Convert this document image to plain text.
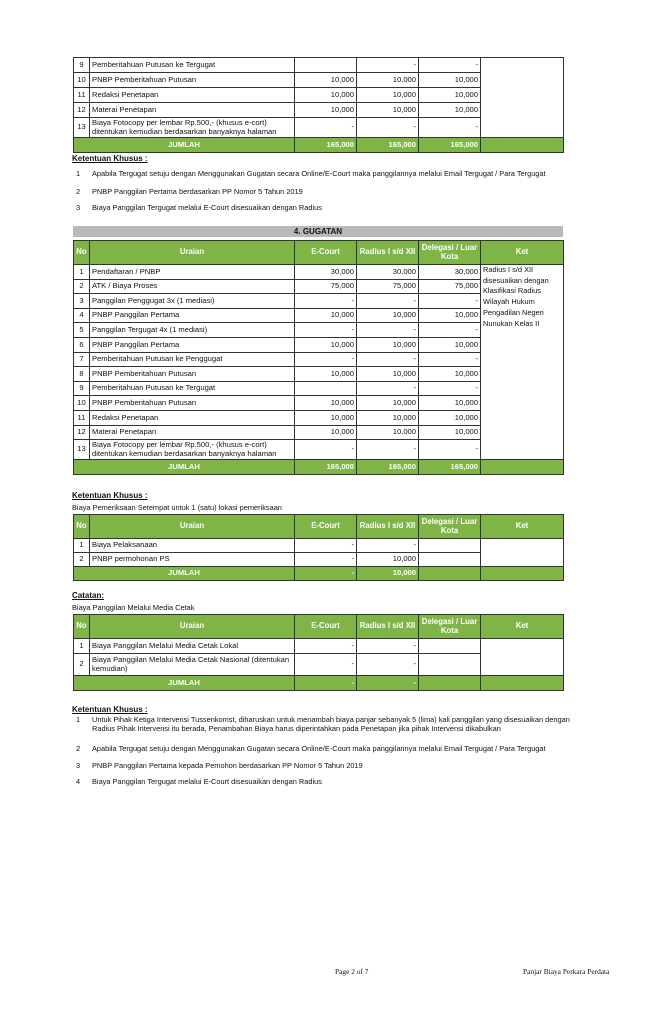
9	Pemberitahuan Putusan ke Tergugat		-	-	
10	PNBP Pemberitahuan Putusan	10,000	10,000	10,000	
11	Redaksi Penetapan	10,000	10,000	10,000	
12	Materai Penetapan	10,000	10,000	10,000	
13	Biaya Fotocopy per lembar Rp.500,- (khusus e-cort) ditentukan kemudian berdasarkan banyaknya halaman	-	-	-	
JUMLAH		165,000	165,000	165,000	
Ketentuan Khusus :
1	Apabila Tergugat setuju dengan Menggunakan Gugatan secara Online/E-Court maka panggilannya melalui Email Tergugat / Para Tergugat
2	PNBP Panggilan Pertama berdasarkan PP Nomor 5 Tahun 2019
3	Biaya Panggilan Tergugat melalui E-Court disesuaikan dengan Radius
4. GUGATAN
No	Uraian	E-Court	Radius I s/d XII	Delegasi / Luar Kota	Ket
1	Pendaftaran / PNBP	30,000	30,000	30,000	Radius I s/d XII disesuaikan dengan Klasifikasi Radius Wilayah Hukum Pengadilan Negeri Nunukan Kelas II
2	ATK / Biaya Proses	75,000	75,000	75,000	
3	Panggilan Penggugat 3x (1 mediasi)	-	-	-	
4	PNBP Panggilan Pertama	10,000	10,000	10,000	
5	Panggilan Tergugat 4x (1 mediasi)	-	-	-	
6	PNBP Panggilan Pertama	10,000	10,000	10,000	
7	Pemberitahuan Putusan ke Penggugat	-	-	-	
8	PNBP Pemberitahuan Putusan	10,000	10,000	10,000	
9	Pemberitahuan Putusan ke Tergugat		-	-	
10	PNBP Pemberitahuan Putusan	10,000	10,000	10,000	
11	Redaksi Penetapan	10,000	10,000	10,000	
12	Materai Penetapan	10,000	10,000	10,000	
13	Biaya Fotocopy per lembar Rp.500,- (khusus e-cort) ditentukan kemudian berdasarkan banyaknya halaman	-	-	-	
JUMLAH		165,000	165,000	165,000	
Ketentuan Khusus :
Biaya Pemeriksaan Setempat untuk 1 (satu) lokasi pemeriksaan
No	Uraian	E-Court	Radius I s/d XII	Delegasi / Luar Kota	Ket
1	Biaya Pelaksanaan	-	-		
2	PNBP permohonan PS	-	10,000		
JUMLAH		-	10,000		
Catatan:
Biaya Panggilan Melalui Media Cetak
No	Uraian	E-Court	Radius I s/d XII	Delegasi / Luar Kota	Ket
1	Biaya Panggilan Melalui Media Cetak Lokal	-	-		
2	Biaya Panggilan Melalui Media Cetak Nasional (ditentukan kemudian)	-	-		
JUMLAH		-	-		
Ketentuan Khusus :
1	Untuk Pihak Ketiga Intervensi Tussenkomst, diharuskan untuk menambah biaya panjar sebanyak 5 (lima) kali panggilan yang disesuaikan dengan Radius Pihak Intervensi itu berada, Penambahan Biaya harus diperintahkan pada Penetapan jika pihak Intervensi dikabulkan
2	Apabila Tergugat setuju dengan Menggunakan Gugatan secara Online/E-Court maka panggilannya melalui Email Tergugat / Para Tergugat
3	PNBP Panggilan Pertama kepada Pemohon berdasarkan PP Nomor 5 Tahun 2019
4	Biaya Panggilan Tergugat melalui E-Court disesuaikan dengan Radius
Page 2 of 7	Panjar Biaya Perkara Perdata
